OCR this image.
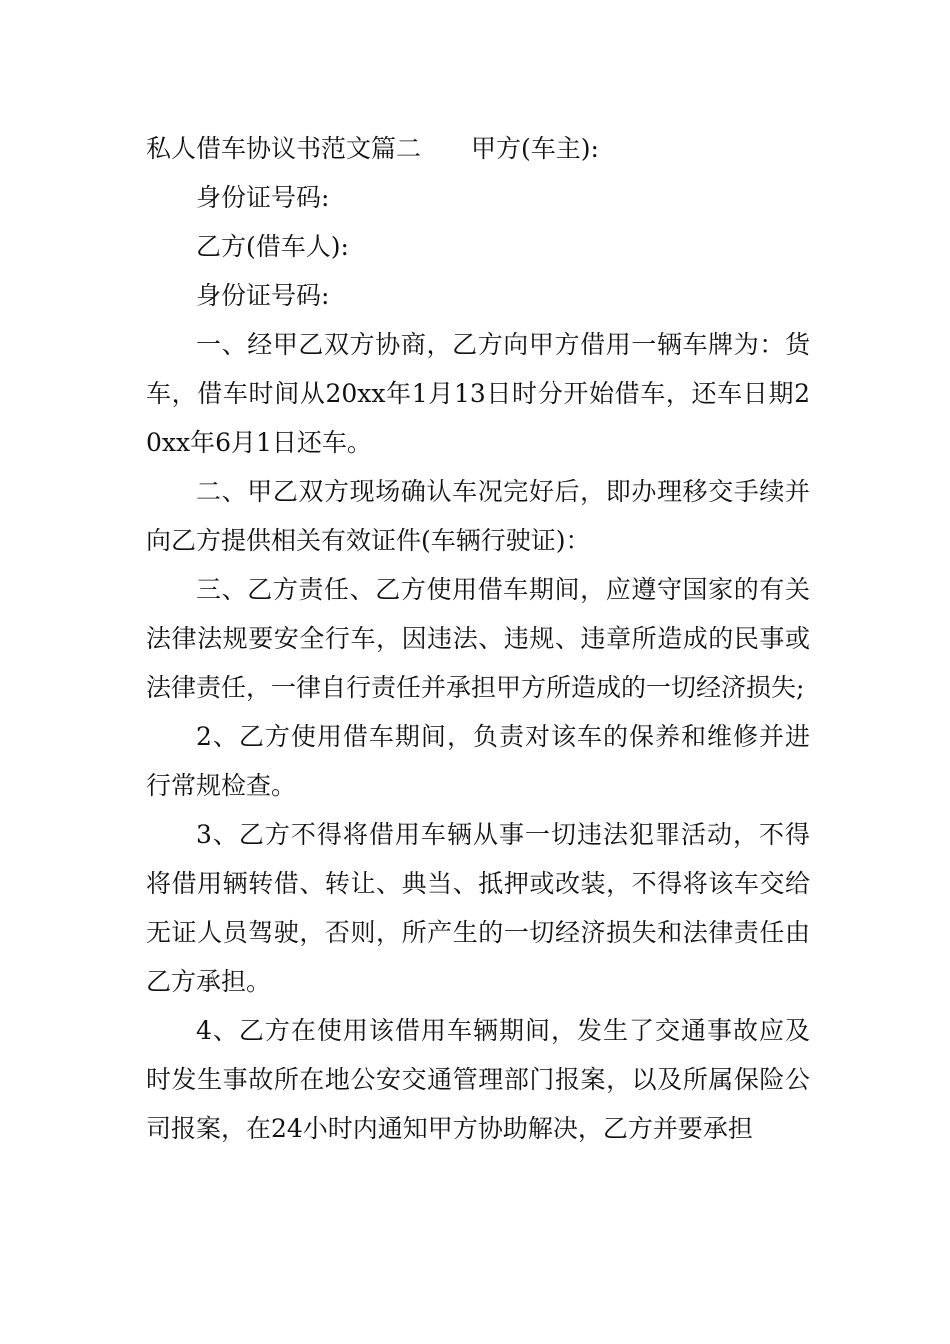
私人借车协议书范文篇二 甲方(车主):

身份证号码:

乙方(借车人):

身份证号码:

一、经甲乙双方协商，乙方向甲方借用一辆车牌为：货车，借车时间从20xx年1月13日时分开始借车，还车日期20xx年6月1日还车。

二、甲乙双方现场确认车况完好后，即办理移交手续并向乙方提供相关有效证件(车辆行驶证)：

三、乙方责任、乙方使用借车期间，应遵守国家的有关法律法规要安全行车，因违法、违规、违章所造成的民事或法律责任，一律自行责任并承担甲方所造成的一切经济损失;

2、乙方使用借车期间，负责对该车的保养和维修并进行常规检查。

3、乙方不得将借用车辆从事一切违法犯罪活动，不得将借用辆转借、转让、典当、抵押或改装，不得将该车交给无证人员驾驶，否则，所产生的一切经济损失和法律责任由乙方承担。

4、乙方在使用该借用车辆期间，发生了交通事故应及时发生事故所在地公安交通管理部门报案，以及所属保险公司报案，在24小时内通知甲方协助解决，乙方并要承担
